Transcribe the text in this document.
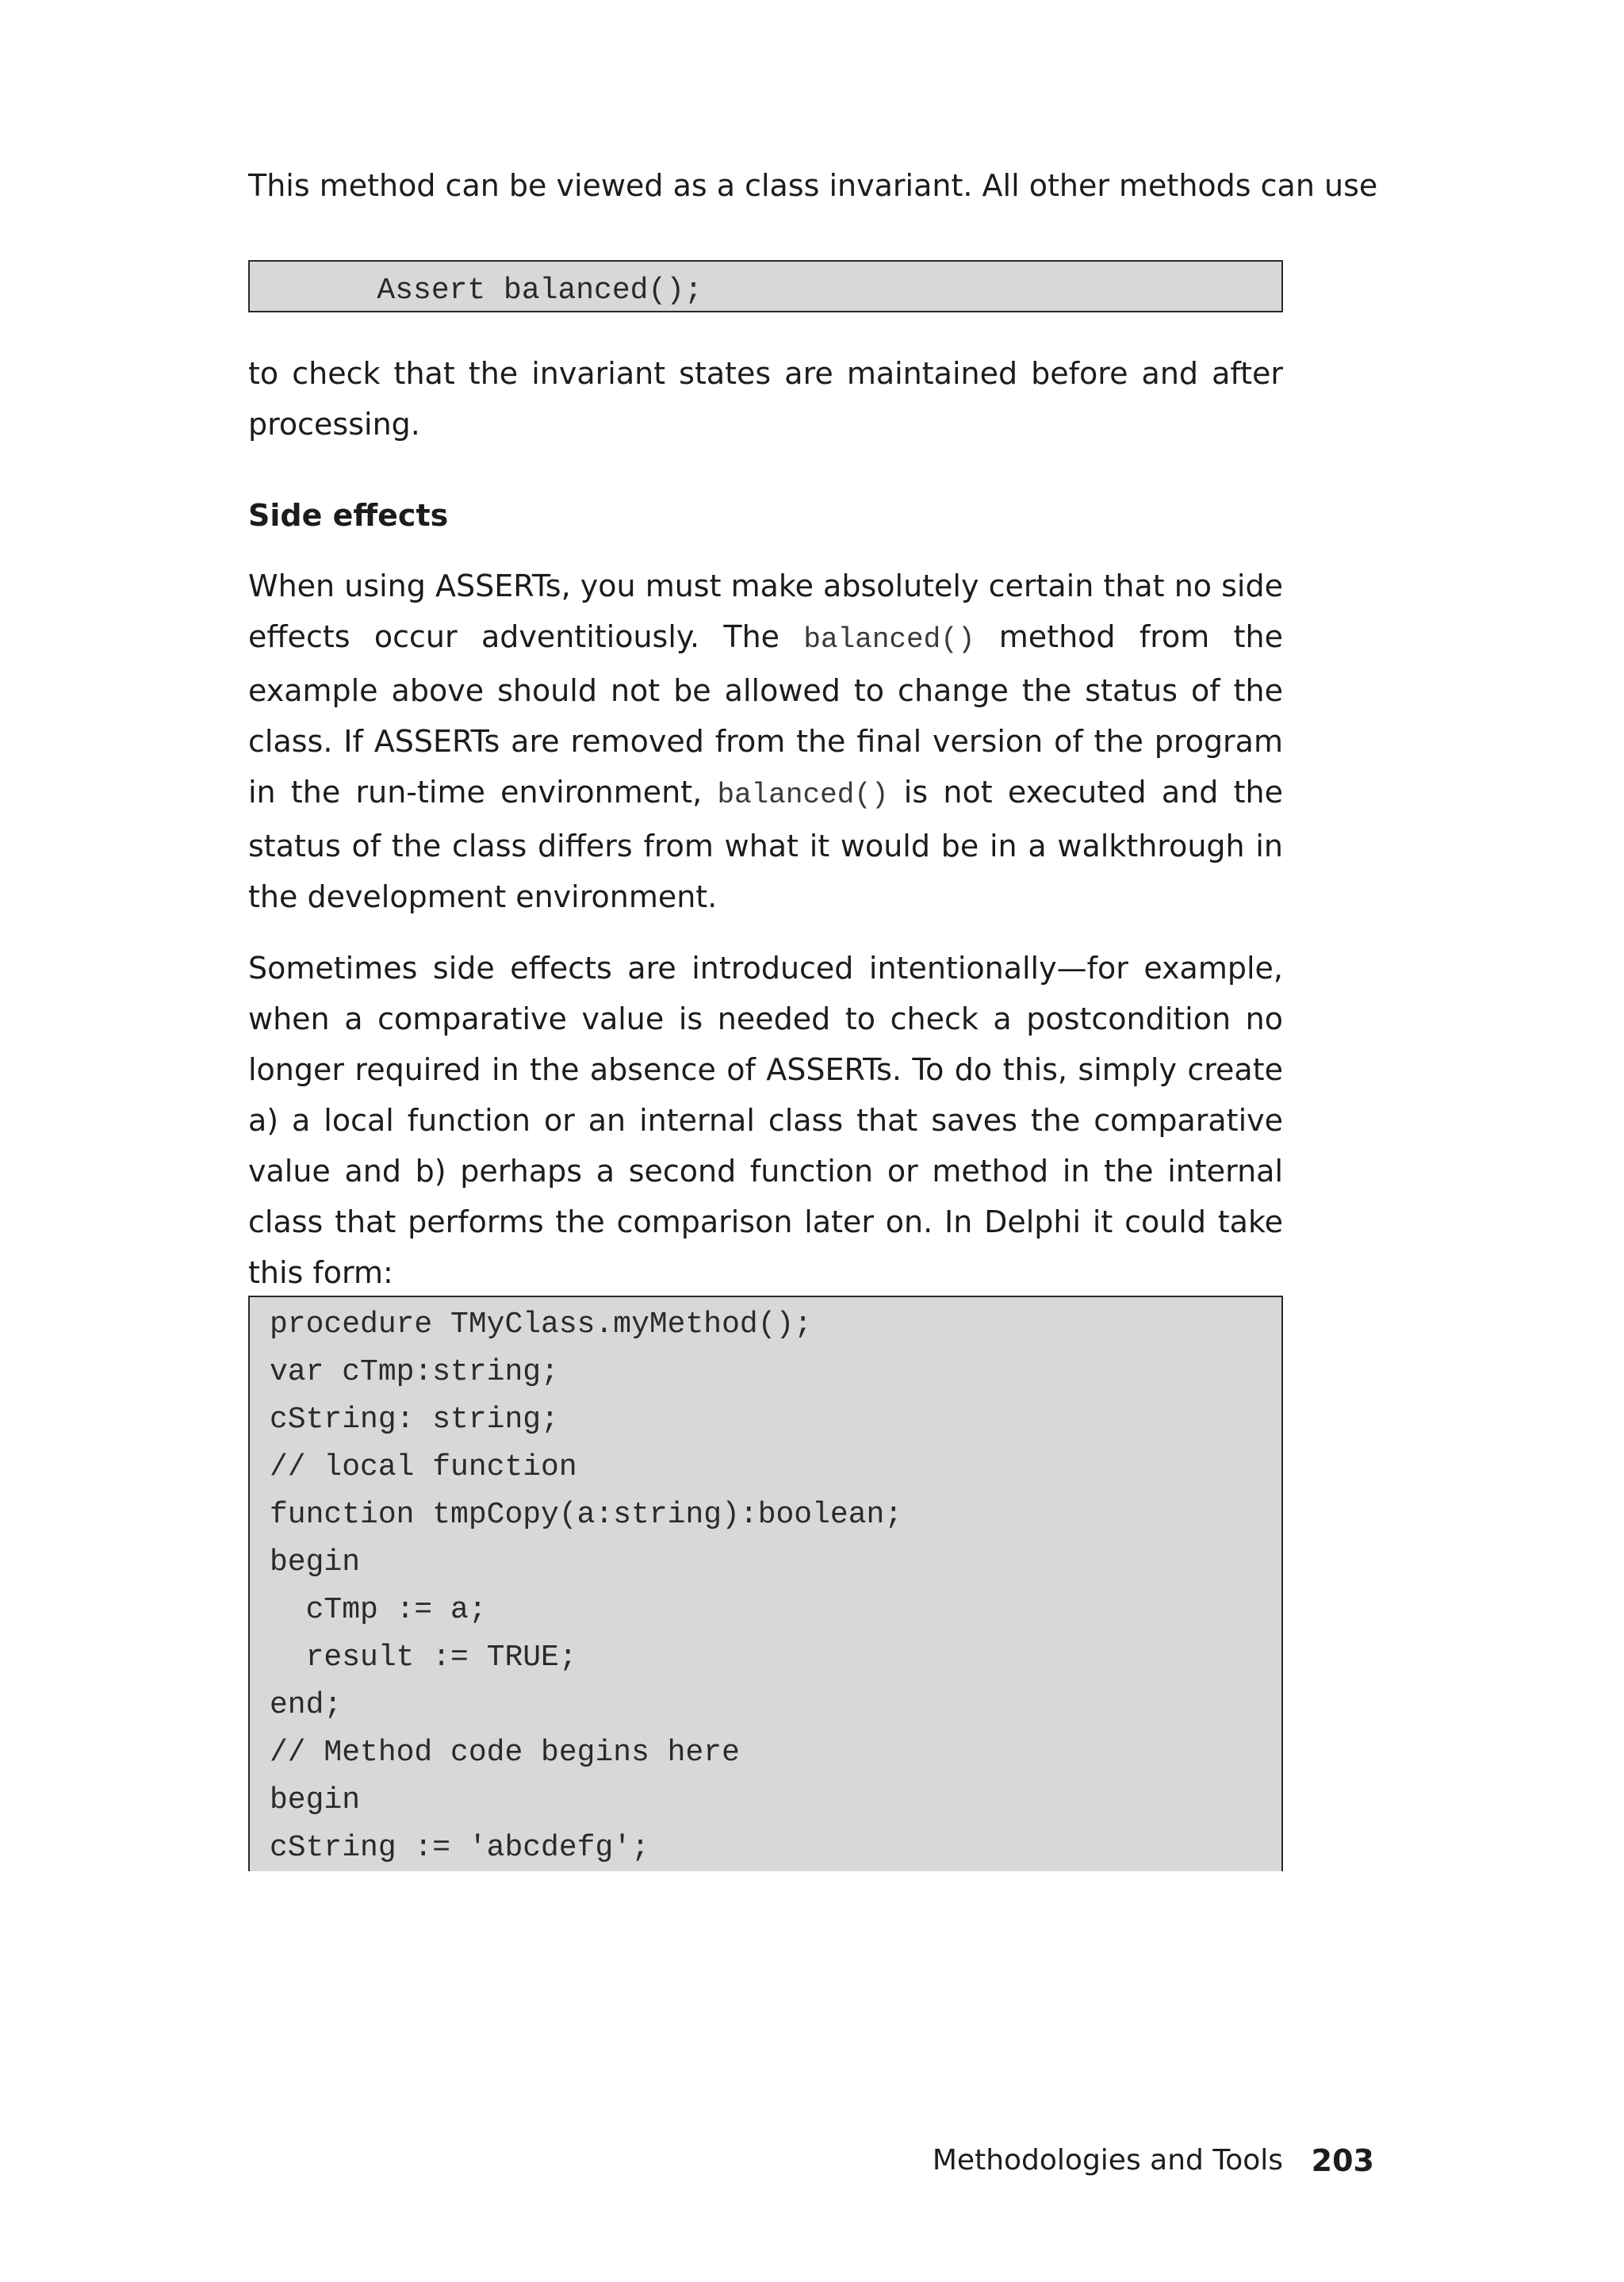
This method can be viewed as a class invariant. All other methods can use

Assert balanced();

to check that the invariant states are maintained before and after processing.

Side effects

When using ASSERTs, you must make absolutely certain that no side effects occur adventitiously. The balanced() method from the example above should not be allowed to change the status of the class. If ASSERTs are removed from the final version of the program in the run-time environment, balanced() is not executed and the status of the class differs from what it would be in a walkthrough in the development environment.

Sometimes side effects are introduced intentionally—for example, when a comparative value is needed to check a postcondition no longer required in the absence of ASSERTs. To do this, simply create a) a local function or an internal class that saves the comparative value and b) perhaps a second function or method in the internal class that performs the comparison later on. In Delphi it could take this form:

procedure TMyClass.myMethod();
var cTmp:string;
cString: string;
// local function
function tmpCopy(a:string):boolean;
begin
cTmp := a;
result := TRUE;
end;
// Method code begins here
begin
cString := 'abcdefg';
Methodologies and Tools 203
